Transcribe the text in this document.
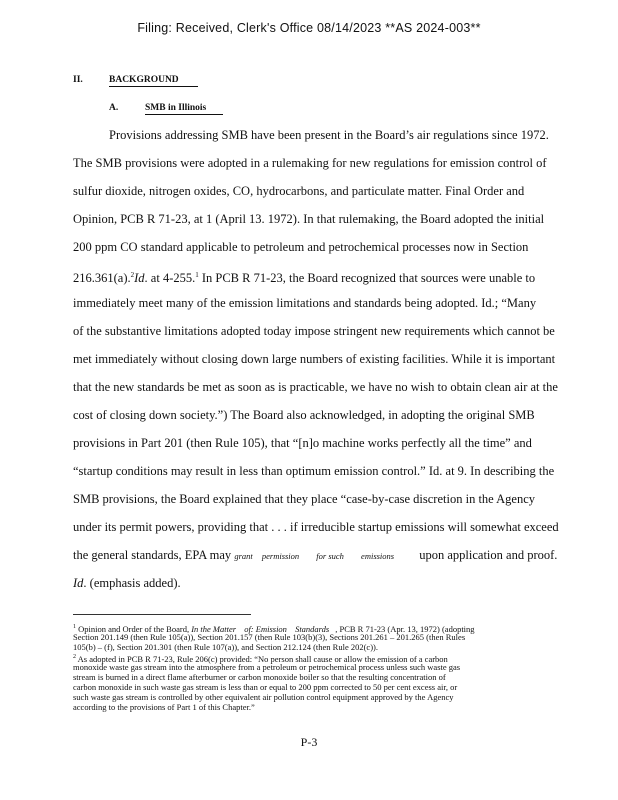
Filing: Received, Clerk's Office 08/14/2023 **AS 2024-003**
II.	BACKGROUND
A.	SMB in Illinois
Provisions addressing SMB have been present in the Board’s air regulations since 1972.
The SMB provisions were adopted in a rulemaking for new regulations for emission control of
sulfur dioxide, nitrogen oxides, CO, hydrocarbons, and particulate matter. Final Order and
Opinion, PCB R 71-23, at 1 (April 13. 1972). In that rulemaking, the Board adopted the initial
200 ppm CO standard applicable to petroleum and petrochemical processes now in Section
216.361(a).$^2$Id. at 4-255.$^1$ In PCB R 71-23, the Board recognized that sources were unable to
immediately meet many of the emission limitations and standards being adopted. Id.; “Many
of the substantive limitations adopted today impose stringent new requirements which cannot be
met immediately without closing down large numbers of existing facilities. While it is important
that the new standards be met as soon as is practicable, we have no wish to obtain clean air at the
cost of closing down society.”) The Board also acknowledged, in adopting the original SMB
provisions in Part 201 (then Rule 105), that “[n]o machine works perfectly all the time” and
“startup conditions may result in less than optimum emission control.” Id. at 9. In describing the
SMB provisions, the Board explained that they place “case-by-case discretion in the Agency
under its permit powers, providing that . . . if irreducible startup emissions will somewhat exceed
the general standards, EPA may grant permission for such emissions upon application and proof.
Id. (emphasis added).
$^1$ Opinion and Order of the Board, In the Matter of: Emission Standards , PCB R 71-23 (Apr. 13, 1972) (adopting
Section 201.149 (then Rule 105(a)), Section 201.157 (then Rule 103(b)(3), Sections 201.261 – 201.265 (then Rules
105(b) – (f), Section 201.301 (then Rule 107(a)), and Section 212.124 (then Rule 202(c)).
$^2$ As adopted in PCB R 71-23, Rule 206(c) provided: “No person shall cause or allow the emission of a carbon
monoxide waste gas stream into the atmosphere from a petroleum or petrochemical process unless such waste gas
stream is burned in a direct flame afterburner or carbon monoxide boiler so that the resulting concentration of
carbon monoxide in such waste gas stream is less than or equal to 200 ppm corrected to 50 per cent excess air, or
such waste gas stream is controlled by other equivalent air pollution control equipment approved by the Agency
according to the provisions of Part 1 of this Chapter.”
P-3
